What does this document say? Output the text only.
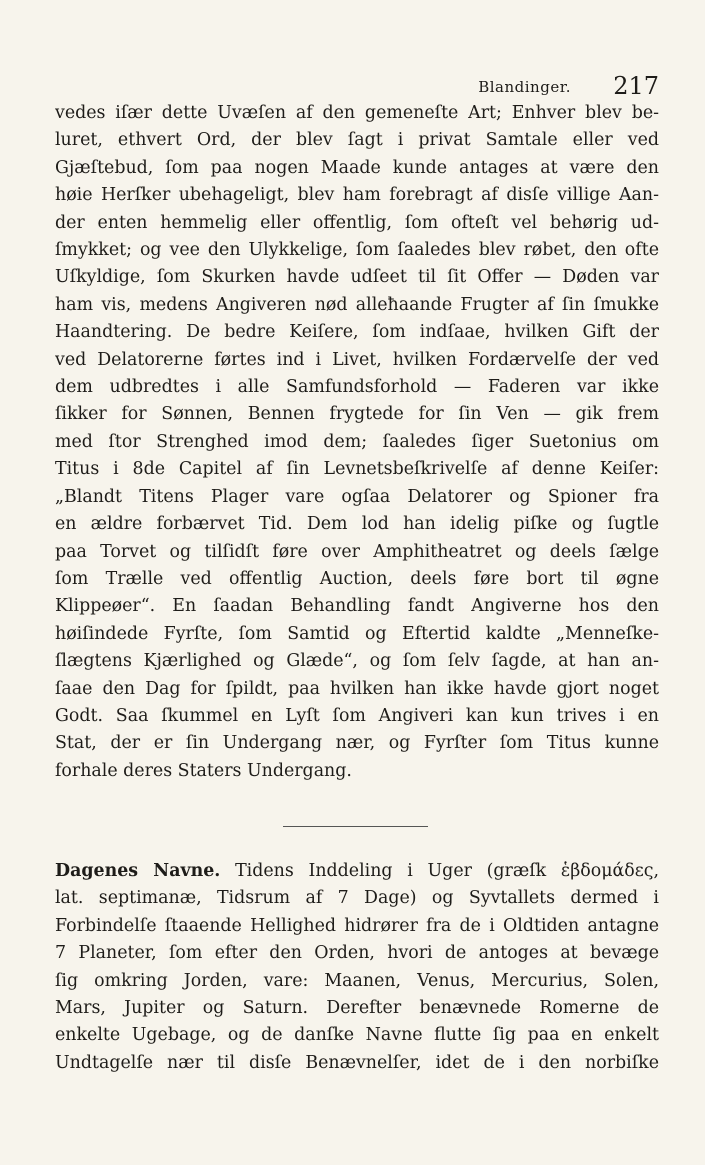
Blandinger. 217
vedes iſær dette Uvæſen af den gemeneſte Art; Enhver blev be-
luret, ethvert Ord, der blev ſagt i privat Samtale eller ved
Gjæſtebud, ſom paa nogen Maade kunde antages at være den
høie Herſker ubehageligt, blev ham forebragt af disſe villige Aan-
der enten hemmelig eller offentlig, ſom ofteſt vel behørig ud-
ſmykket; og vee den Ulykkelige, ſom ſaaledes blev røbet, den ofte
Uſkyldige, ſom Skurken havde udſeet til ſit Offer — Døden var
ham vis, medens Angiveren nød alleħaande Frugter af ſin ſmukke
Haandtering. De bedre Keiſere, ſom indſaae, hvilken Gift der
ved Delatorerne førtes ind i Livet, hvilken Fordærvelſe der ved
dem udbredtes i alle Samfundsforhold — Faderen var ikke
ſikker for Sønnen, Bennen frygtede for ſin Ven — gik frem
med ſtor Strenghed imod dem; ſaaledes ſiger Suetonius om
Titus i 8de Capitel af ſin Levnetsbeſkrivelſe af denne Keiſer:
„Blandt Titens Plager vare ogſaa Delatorer og Spioner fra
en ældre forbærvet Tid. Dem lod han idelig piſke og ſugtle
paa Torvet og tilſidſt føre over Amphitheatret og deels ſælge
ſom Trælle ved offentlig Auction, deels føre bort til øgne
Klippeøer“. En ſaadan Behandling fandt Angiverne hos den
høiſindede Fyrſte, ſom Samtid og Eftertid kaldte „Menneſke-
ſlægtens Kjærlighed og Glæde“, og ſom ſelv ſagde, at han an-
ſaae den Dag for ſpildt, paa hvilken han ikke havde gjort noget
Godt. Saa ſkummel en Lyſt ſom Angiveri kan kun trives i en
Stat, der er ſin Undergang nær, og Fyrſter ſom Titus kunne
forhale deres Staters Undergang.
Dagenes Navne. Tidens Inddeling i Uger (græſk ἑβδομάδες,
lat. septimanæ, Tidsrum af 7 Dage) og Syvtallets dermed i
Forbindelſe ſtaaende Hellighed hidrører fra de i Oldtiden antagne
7 Planeter, ſom efter den Orden, hvori de antoges at bevæge
ſig omkring Jorden, vare: Maanen, Venus, Mercurius, Solen,
Mars, Jupiter og Saturn. Derefter benævnede Romerne de
enkelte Ugebage, og de danſke Navne flutte ſig paa en enkelt
Undtagelſe nær til disſe Benævnelſer, idet de i den norbiſke
